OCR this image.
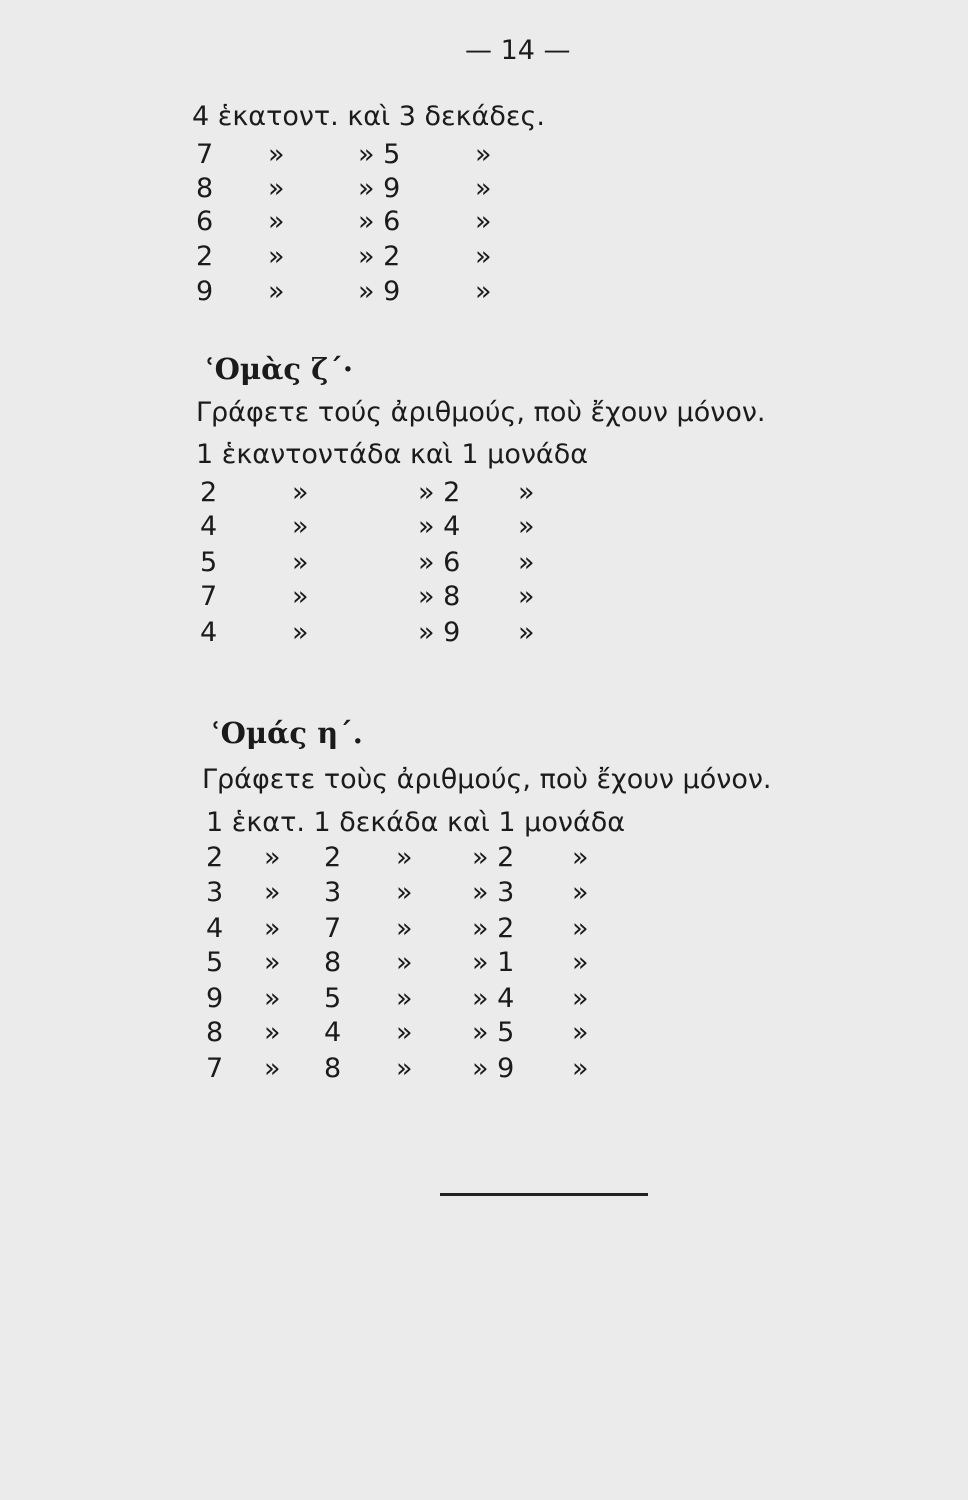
— 14 —
4 ἑκατοντ. καὶ 3 δεκάδες.
7 »	» 5	»
8 »	» 9	»
6 »	» 6	»
2 »	» 2	»
9 »	» 9	»
ʿΟμὰς ζ΄·
Γράφετε τούς ἀριθμούς, ποὺ ἔχουν μόνον.
1 ἑκαντοντάδα καὶ 1 μονάδα
2	»	» 2 »
4	»	» 4 »
5	»	» 6 »
7	»	» 8 »
4	»	» 9 »
ʿΟμάς η΄.
Γράφετε τοὺς ἀριθμούς, ποὺ ἔχουν μόνον.
1 ἑκατ. 1 δεκάδα καὶ 1 μονάδα
2 » 2 » » 2 »
3 » 3 » » 3 »
4 » 7 » » 2 »
5 » 8 » » 1 »
9 » 5 » » 4 »
8 » 4 » » 5 »
7 » 8 » » 9 »
